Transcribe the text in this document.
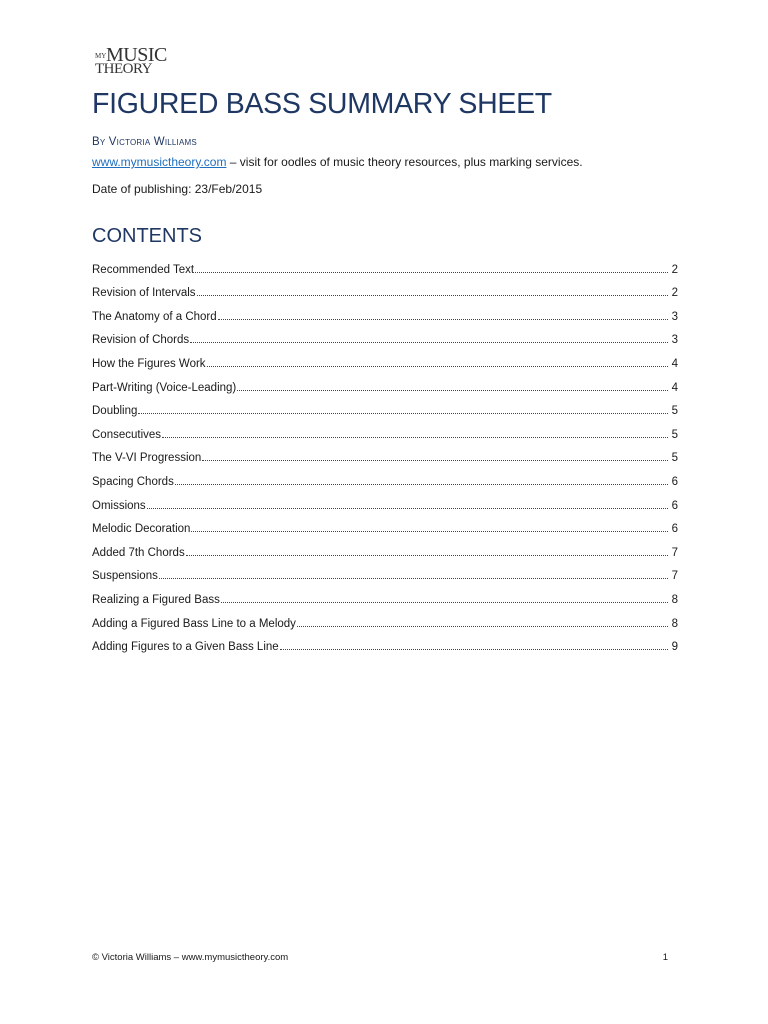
MY MUSIC
THEORY
FIGURED BASS SUMMARY SHEET
By Victoria Williams
www.mymusictheory.com – visit for oodles of music theory resources, plus marking services.
Date of publishing: 23/Feb/2015
CONTENTS
Recommended Text	2
Revision of Intervals	2
The Anatomy of a Chord	3
Revision of Chords	3
How the Figures Work	4
Part-Writing (Voice-Leading)	4
Doubling	5
Consecutives	5
The V-VI Progression	5
Spacing Chords	6
Omissions	6
Melodic Decoration	6
Added 7th Chords	7
Suspensions	7
Realizing a Figured Bass	8
Adding a Figured Bass Line to a Melody	8
Adding Figures to a Given Bass Line	9
© Victoria Williams – www.mymusictheory.com	1
